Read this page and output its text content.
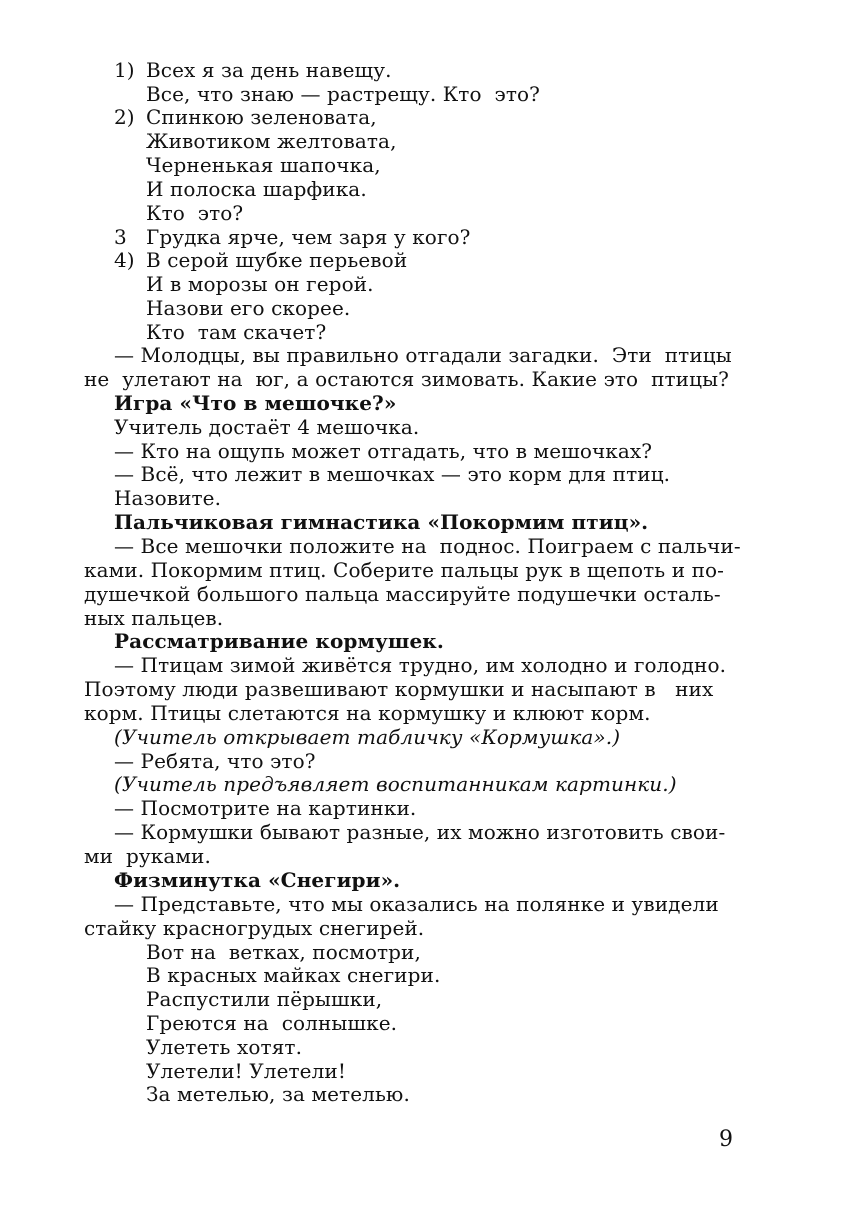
1) Всех я за день навещу.
Все, что знаю — растрещу. Кто  это?
2) Спинкою зеленовата,
Животиком желтовата,
Черненькая шапочка,
И полоска шарфика.
Кто  это?
3 Грудка ярче, чем заря у кого?
4) В серой шубке перьевой
И в морозы он герой.
Назови его скорее.
Кто  там скачет?
— Молодцы, вы правильно отгадали загадки.  Эти  птицы
не  улетают на  юг, а остаются зимовать. Какие это  птицы?
Игра «Что в мешочке?»
Учитель достаёт 4 мешочка.
— Кто на ощупь может отгадать, что в мешочках?
— Всё, что лежит в мешочках — это корм для птиц.
Назовите.
Пальчиковая гимнастика «Покормим птиц».
— Все мешочки положите на  поднос. Поиграем с пальчи-
ками. Покормим птиц. Соберите пальцы рук в щепоть и по-
душечкой большого пальца массируйте подушечки осталь-
ных пальцев.
Рассматривание кормушек.
— Птицам зимой живётся трудно, им холодно и голодно.
Поэтому люди развешивают кормушки и насыпают в   них
корм. Птицы слетаются на кормушку и клюют корм.
(Учитель открывает табличку «Кормушка».)
— Ребята, что это?
(Учитель предъявляет воспитанникам картинки.)
— Посмотрите на картинки.
— Кормушки бывают разные, их можно изготовить свои-
ми  руками.
Физминутка «Снегири».
— Представьте, что мы оказались на полянке и увидели
стайку красногрудых снегирей.
Вот на  ветках, посмотри,
В красных майках снегири.
Распустили пёрышки,
Греются на  солнышке.
Улететь хотят.
Улетели! Улетели!
За метелью, за метелью.
9
